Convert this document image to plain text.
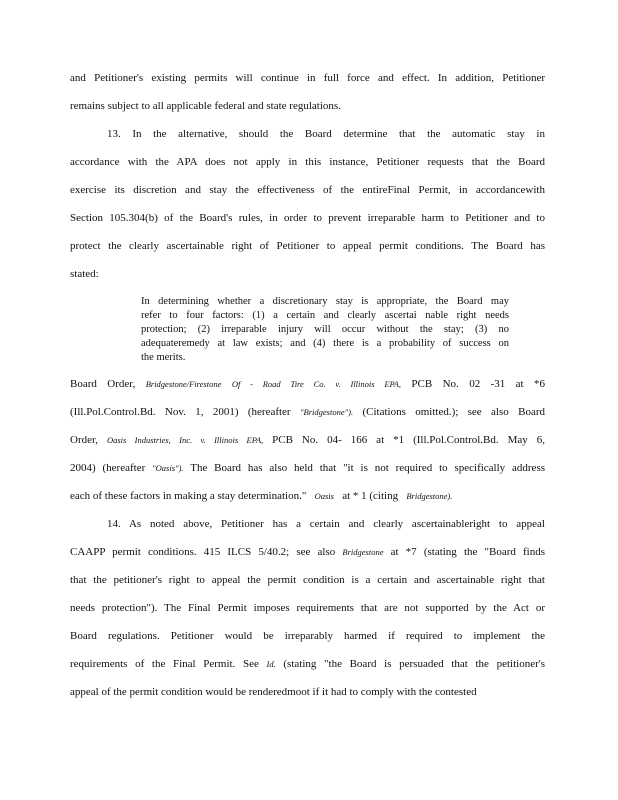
and Petitioner's existing permits will continue in full force and effect. In addition, Petitioner
remains subject to all applicable federal and state regulations.
13. In the alternative, should the Board determine that the automatic stay in
accordance with the APA does not apply in this instance, Petitioner requests that the Board
exercise its discretion and stay the effectiveness of the entireFinal Permit, in accordancewith
Section 105.304(b) of the Board's rules, in order to prevent irreparable harm to Petitioner and to
protect the clearly ascertainable right of Petitioner to appeal permit conditions. The Board has
stated:
In determining whether a discretionary stay is appropriate, the Board may
refer to four factors: (1) a certain and clearly ascertai nable right needs
protection; (2) irreparable injury will occur without the stay; (3) no
adequateremedy at law exists; and (4) there is a probability of success on
the merits.
Board Order, Bridgestone/Firestone Of - Road Tire Co. v. Illinois EPA, PCB No. 02 -31 at *6
(Ill.Pol.Control.Bd. Nov. 1, 2001) (hereafter "Bridgestone"). (Citations omitted.); see also Board
Order, Oasis Industries, Inc. v. Illinois EPA, PCB No. 04- 166 at *1 (Ill.Pol.Control.Bd. May 6,
2004) (hereafter "Oasis"). The Board has also held that "it is not required to specifically address
each of these factors in making a stay determination." Oasis at * 1 (citing Bridgestone).
14. As noted above, Petitioner has a certain and clearly ascertainableright to appeal
CAAPP permit conditions. 415 ILCS 5/40.2; see also Bridgestone at *7 (stating the "Board finds
that the petitioner's right to appeal the permit condition is a certain and ascertainable right that
needs protection"). The Final Permit imposes requirements that are not supported by the Act or
Board regulations. Petitioner would be irreparably harmed if required to implement the
requirements of the Final Permit. See Id. (stating "the Board is persuaded that the petitioner's
appeal of the permit condition would be renderedmoot if it had to comply with the contested
